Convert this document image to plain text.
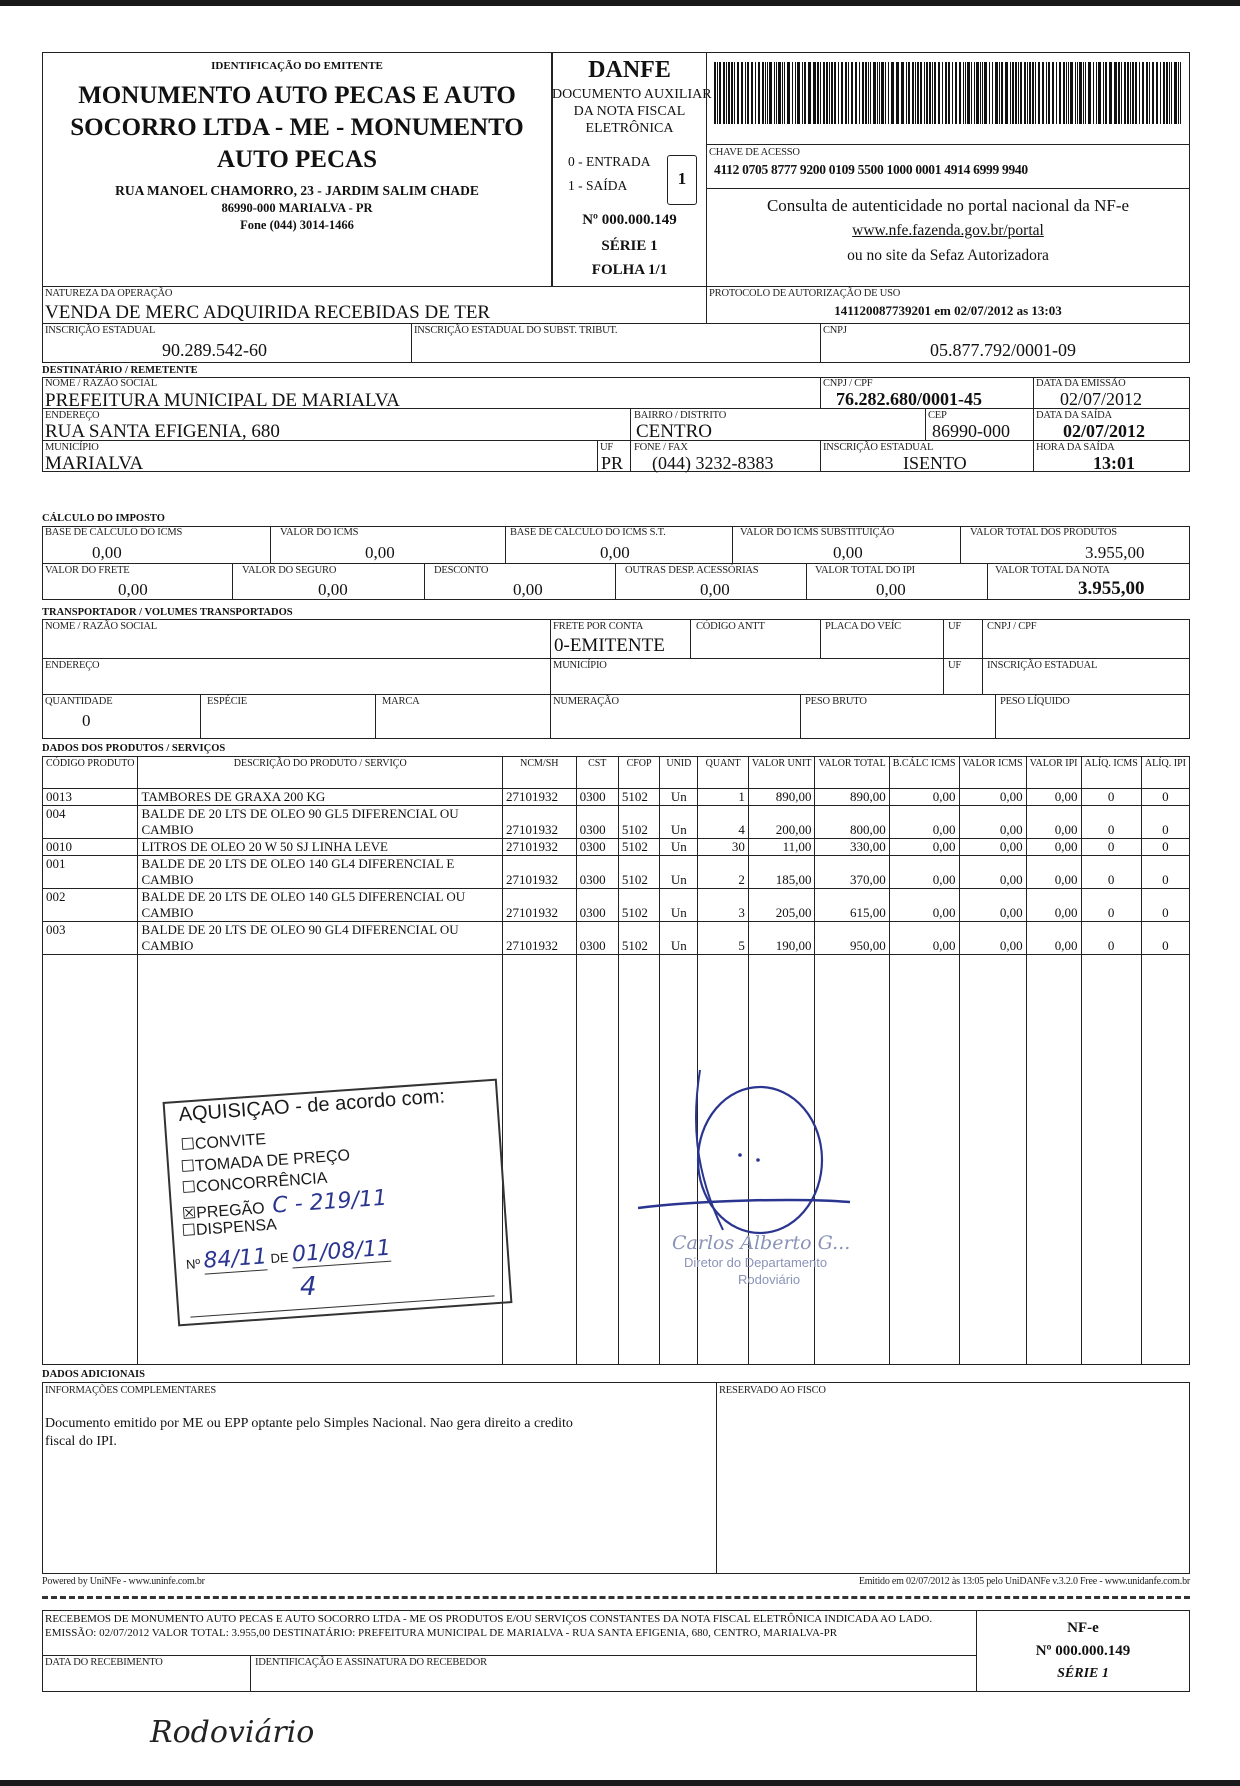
IDENTIFICAÇÃO DO EMITENTE
MONUMENTO AUTO PECAS E AUTO
SOCORRO LTDA - ME - MONUMENTO
AUTO PECAS
RUA MANOEL CHAMORRO, 23 - JARDIM SALIM CHADE
86990-000 MARIALVA - PR
Fone (044) 3014-1466
DANFE
DOCUMENTO AUXILIAR
DA NOTA FISCAL
ELETRÔNICA
0 - ENTRADA
1 - SAÍDA	1
Nº 000.000.149
SÉRIE 1
FOLHA 1/1
CHAVE DE ACESSO
4112 0705 8777 9200 0109 5500 1000 0001 4914 6999 9940
Consulta de autenticidade no portal nacional da NF-e
www.nfe.fazenda.gov.br/portal
ou no site da Sefaz Autorizadora
NATUREZA DA OPERAÇÃO
VENDA DE MERC ADQUIRIDA RECEBIDAS DE TER
PROTOCOLO DE AUTORIZAÇÃO DE USO
141120087739201 em 02/07/2012 as 13:03
INSCRIÇÃO ESTADUAL
90.289.542-60
INSCRIÇÃO ESTADUAL DO SUBST. TRIBUT.	CNPJ
05.877.792/0001-09
DESTINATÁRIO / REMETENTE
NOME / RAZÃO SOCIAL
PREFEITURA MUNICIPAL DE MARIALVA
CNPJ / CPF
76.282.680/0001-45
DATA DA EMISSÃO
02/07/2012
ENDEREÇO
RUA SANTA EFIGENIA, 680
BAIRRO / DISTRITO
CENTRO
CEP
86990-000
DATA DA SAÍDA
02/07/2012
MUNICÍPIO
MARIALVA
UF
PR
FONE / FAX
(044) 3232-8383
INSCRIÇÃO ESTADUAL
ISENTO
HORA DA SAÍDA
13:01
CÁLCULO DO IMPOSTO
BASE DE CÁLCULO DO ICMS
0,00
VALOR DO ICMS
0,00
BASE DE CÁLCULO DO ICMS S.T.
0,00
VALOR DO ICMS SUBSTITUIÇÃO
0,00
VALOR TOTAL DOS PRODUTOS
3.955,00
VALOR DO FRETE
0,00
VALOR DO SEGURO
0,00
DESCONTO
0,00
OUTRAS DESP. ACESSÓRIAS
0,00
VALOR TOTAL DO IPI
0,00
VALOR TOTAL DA NOTA
3.955,00
TRANSPORTADOR / VOLUMES TRANSPORTADOS
NOME / RAZÃO SOCIAL	FRETE POR CONTA
0-EMITENTE
CÓDIGO ANTT	PLACA DO VEÍC	UF CNPJ / CPF
ENDEREÇO	MUNICÍPIO	UF INSCRIÇÃO ESTADUAL
QUANTIDADE
0
ESPÉCIE	MARCA	NUMERAÇÃO	PESO BRUTO	PESO LÍQUIDO
DADOS DOS PRODUTOS / SERVIÇOS
CÓDIGO PRODUTO	DESCRIÇÃO DO PRODUTO / SERVIÇO	NCM/SH	CST	CFOP	UNID	QUANT	VALOR UNIT	VALOR TOTAL	B.CÁLC ICMS	VALOR ICMS	VALOR IPI	ALÍQ. ICMS	ALÍQ. IPI
0013	TAMBORES DE GRAXA 200 KG	27101932	0300	5102	Un	1	890,00	890,00	0,00	0,00	0,00	0	0
004	BALDE DE 20 LTS DE OLEO 90 GL5 DIFERENCIAL OU CAMBIO	27101932	0300	5102	Un	4	200,00	800,00	0,00	0,00	0,00	0	0
0010	LITROS DE OLEO 20 W 50 SJ LINHA LEVE	27101932	0300	5102	Un	30	11,00	330,00	0,00	0,00	0,00	0	0
001	BALDE DE 20 LTS DE OLEO 140 GL4 DIFERENCIAL E CAMBIO	27101932	0300	5102	Un	2	185,00	370,00	0,00	0,00	0,00	0	0
002	BALDE DE 20 LTS DE OLEO 140 GL5 DIFERENCIAL OU CAMBIO	27101932	0300	5102	Un	3	205,00	615,00	0,00	0,00	0,00	0	0
003	BALDE DE 20 LTS DE OLEO 90 GL4 DIFERENCIAL OU CAMBIO	27101932	0300	5102	Un	5	190,00	950,00	0,00	0,00	0,00	0	0

AQUISIÇAO - de acordo com:
☐CONVITE
☐TOMADA DE PREÇO
☐CONCORRÊNCIA
☒PREGÃO C - 219/11
☐DISPENSA
Nº 84/11 DE 01/08/11
4
Carlos Alberto G...
Diretor do Departamento
Rodoviário
DADOS ADICIONAIS
INFORMAÇÕES COMPLEMENTARES
Documento emitido por ME ou EPP optante pelo Simples Nacional. Nao gera direito a credito fiscal do IPI.
RESERVADO AO FISCO
Powered by UniNFe - www.uninfe.com.br	Emitido em 02/07/2012 às 13:05 pelo UniDANFe v.3.2.0 Free - www.unidanfe.com.br
RECEBEMOS DE MONUMENTO AUTO PECAS E AUTO SOCORRO LTDA - ME OS PRODUTOS E/OU SERVIÇOS CONSTANTES DA NOTA FISCAL ELETRÔNICA INDICADA AO LADO. EMISSÃO: 02/07/2012 VALOR TOTAL: 3.955,00 DESTINATÁRIO: PREFEITURA MUNICIPAL DE MARIALVA - RUA SANTA EFIGENIA, 680, CENTRO, MARIALVA-PR
DATA DO RECEBIMENTO	IDENTIFICAÇÃO E ASSINATURA DO RECEBEDOR
NF-e
Nº 000.000.149
SÉRIE 1
Rodoviário
